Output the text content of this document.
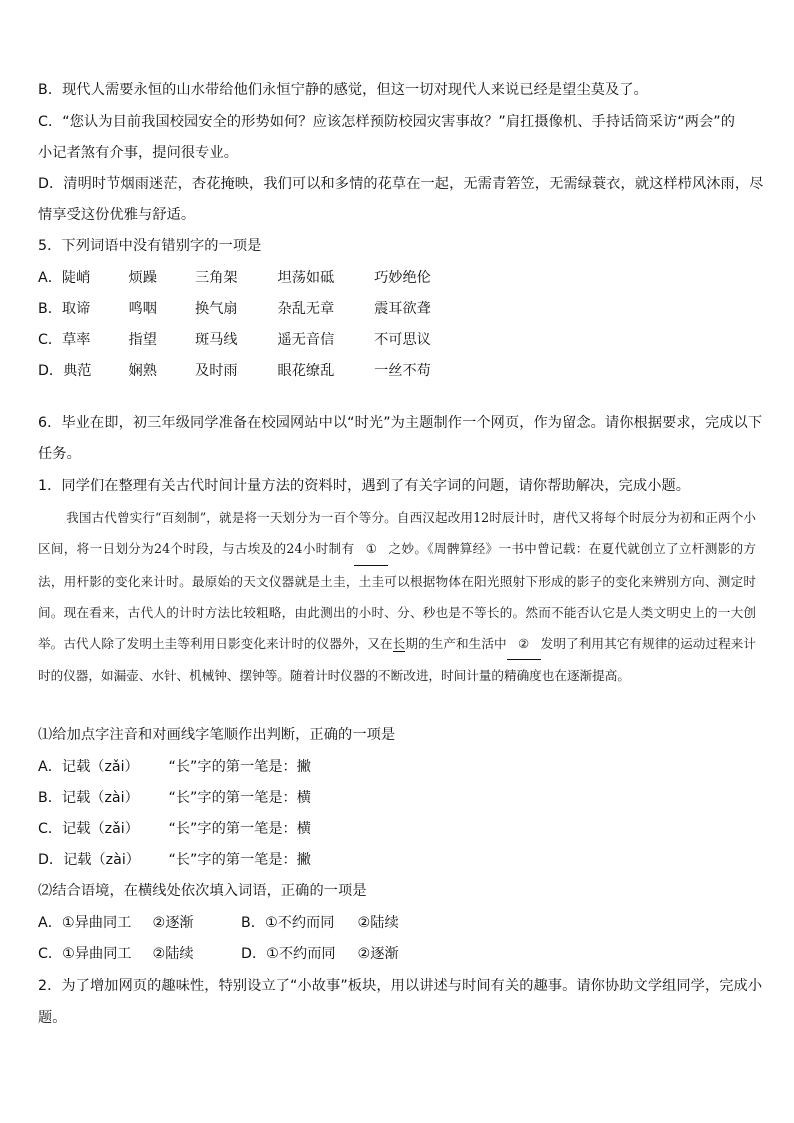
B．现代人需要永恒的山水带给他们永恒宁静的感觉，但这一切对现代人来说已经是望尘莫及了。
C．“您认为目前我国校园安全的形势如何？应该怎样预防校园灾害事故？”肩扛摄像机、手持话筒采访“两会”的
小记者煞有介事，提问很专业。
D．清明时节烟雨迷茫，杏花掩映，我们可以和多情的花草在一起，无需青箬笠，无需绿蓑衣，就这样栉风沐雨，尽
情享受这份优雅与舒适。
5．下列词语中没有错别字的一项是
A．陡峭	烦躁	三角架	坦荡如砥	巧妙绝伦
B．取谛	鸣咽	换气扇	杂乱无章	震耳欲聋
C．草率	指望	斑马线	遥无音信	不可思议
D．典范	娴熟	及时雨	眼花缭乱	一丝不苟
6．毕业在即，初三年级同学准备在校园网站中以“时光”为主题制作一个网页，作为留念。请你根据要求，完成以下
任务。
1．同学们在整理有关古代时间计量方法的资料时，遇到了有关字词的问题，请你帮助解决，完成小题。
我国古代曾实行“百刻制”，就是将一天划分为一百个等分。自西汉起改用12时辰计时，唐代又将每个时辰分为初和正两个小区间，将一日划分为24个时段，与古埃及的24小时制有 ① 之妙。《周髀算经》一书中曾记载：在夏代就创立了立杆测影的方法，用杆影的变化来计时。最原始的天文仪器就是土圭，土圭可以根据物体在阳光照射下形成的影子的变化来辨别方向、测定时间。现在看来，古代人的计时方法比较粗略，由此测出的小时、分、秒也是不等长的。然而不能否认它是人类文明史上的一大创举。古代人除了发明土圭等利用日影变化来计时的仪器外，又在长期的生产和生活中 ② 发明了利用其它有规律的运动过程来计时的仪器，如漏壶、水针、机械钟、摆钟等。随着计时仪器的不断改进，时间计量的精确度也在逐渐提高。
⑴给加点字注音和对画线字笔顺作出判断，正确的一项是
A．记载（zǎi） “长”字的第一笔是：撇
B．记载（zài） “长”字的第一笔是：横
C．记载（zǎi） “长”字的第一笔是：横
D．记载（zài） “长”字的第一笔是：撇
⑵结合语境，在横线处依次填入词语，正确的一项是
A．①异曲同工 ②逐渐	B．①不约而同 ②陆续
C．①异曲同工 ②陆续	D．①不约而同 ②逐渐
2．为了增加网页的趣味性，特别设立了“小故事”板块，用以讲述与时间有关的趣事。请你协助文学组同学，完成小
题。
